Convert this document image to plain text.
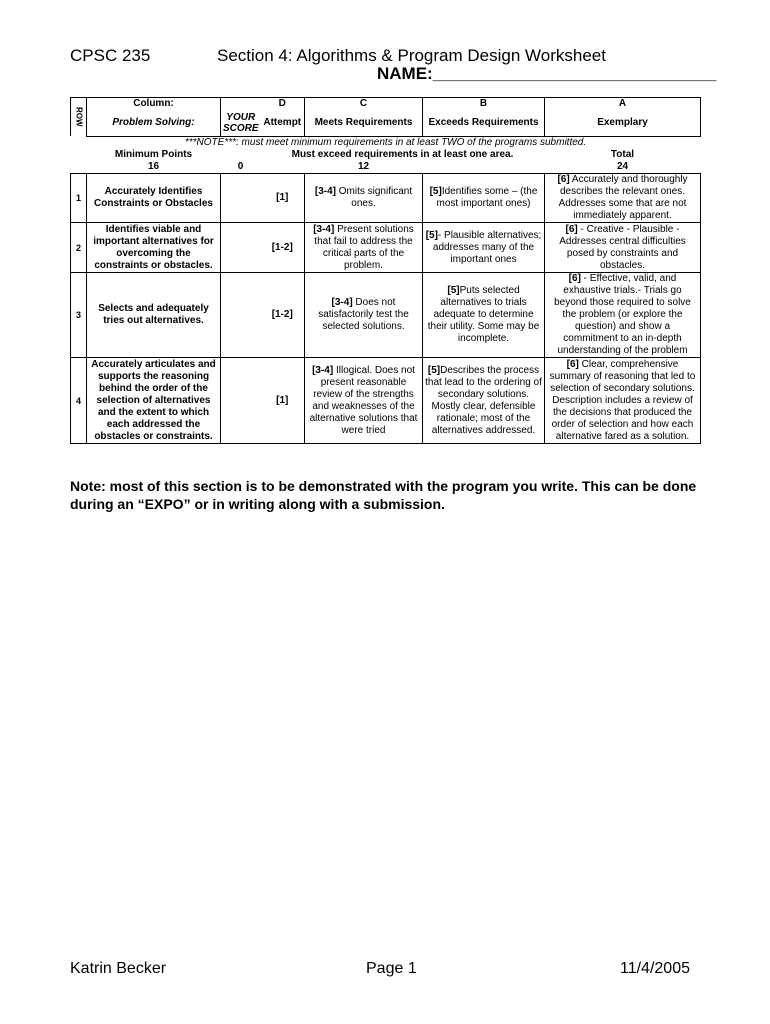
CPSC 235	Section 4: Algorithms & Program Design Worksheet
NAME:______________________________
ROW	Column:		D	C	B	A
	Problem Solving:	YOUR SCORE	Attempt	Meets Requirements	Exceeds Requirements	Exemplary
***NOTE***: must meet minimum requirements in at least TWO of the programs submitted.						
	Minimum Points		Must exceed requirements in at least one area.			Total
	16	0		12		24
1	Accurately Identifies Constraints or Obstacles		[1]	[3-4] Omits significant ones.	[5]Identifies some – (the most important ones)	[6] Accurately and thoroughly describes the relevant ones. Addresses some that are not immediately apparent.
2	Identifies viable and important alternatives for overcoming the constraints or obstacles.		[1-2]	[3-4] Present solutions that fail to address the critical parts of the problem.	[5]- Plausible alternatives; addresses many of the important ones	[6] - Creative - Plausible - Addresses central difficulties posed by constraints and obstacles.
3	Selects and adequately tries out alternatives.		[1-2]	[3-4] Does not satisfactorily test the selected solutions.	[5]Puts selected alternatives to trials adequate to determine their utility. Some may be incomplete.	[6] - Effective, valid, and exhaustive trials.- Trials go beyond those required to solve the problem (or explore the question) and show a commitment to an in-depth understanding of the problem
4	Accurately articulates and supports the reasoning behind the order of the selection of alternatives and the extent to which each addressed the obstacles or constraints.		[1]	[3-4] Illogical. Does not present reasonable review of the strengths and weaknesses of the alternative solutions that were tried	[5]Describes the process that lead to the ordering of secondary solutions. Mostly clear, defensible rationale; most of the alternatives addressed.	[6] Clear, comprehensive summary of reasoning that led to selection of secondary solutions. Description includes a review of the decisions that produced the order of selection and how each alternative fared as a solution.
Note: most of this section is to be demonstrated with the program you write. This can be done during an “EXPO” or in writing along with a submission.
Katrin Becker	Page 1	11/4/2005
